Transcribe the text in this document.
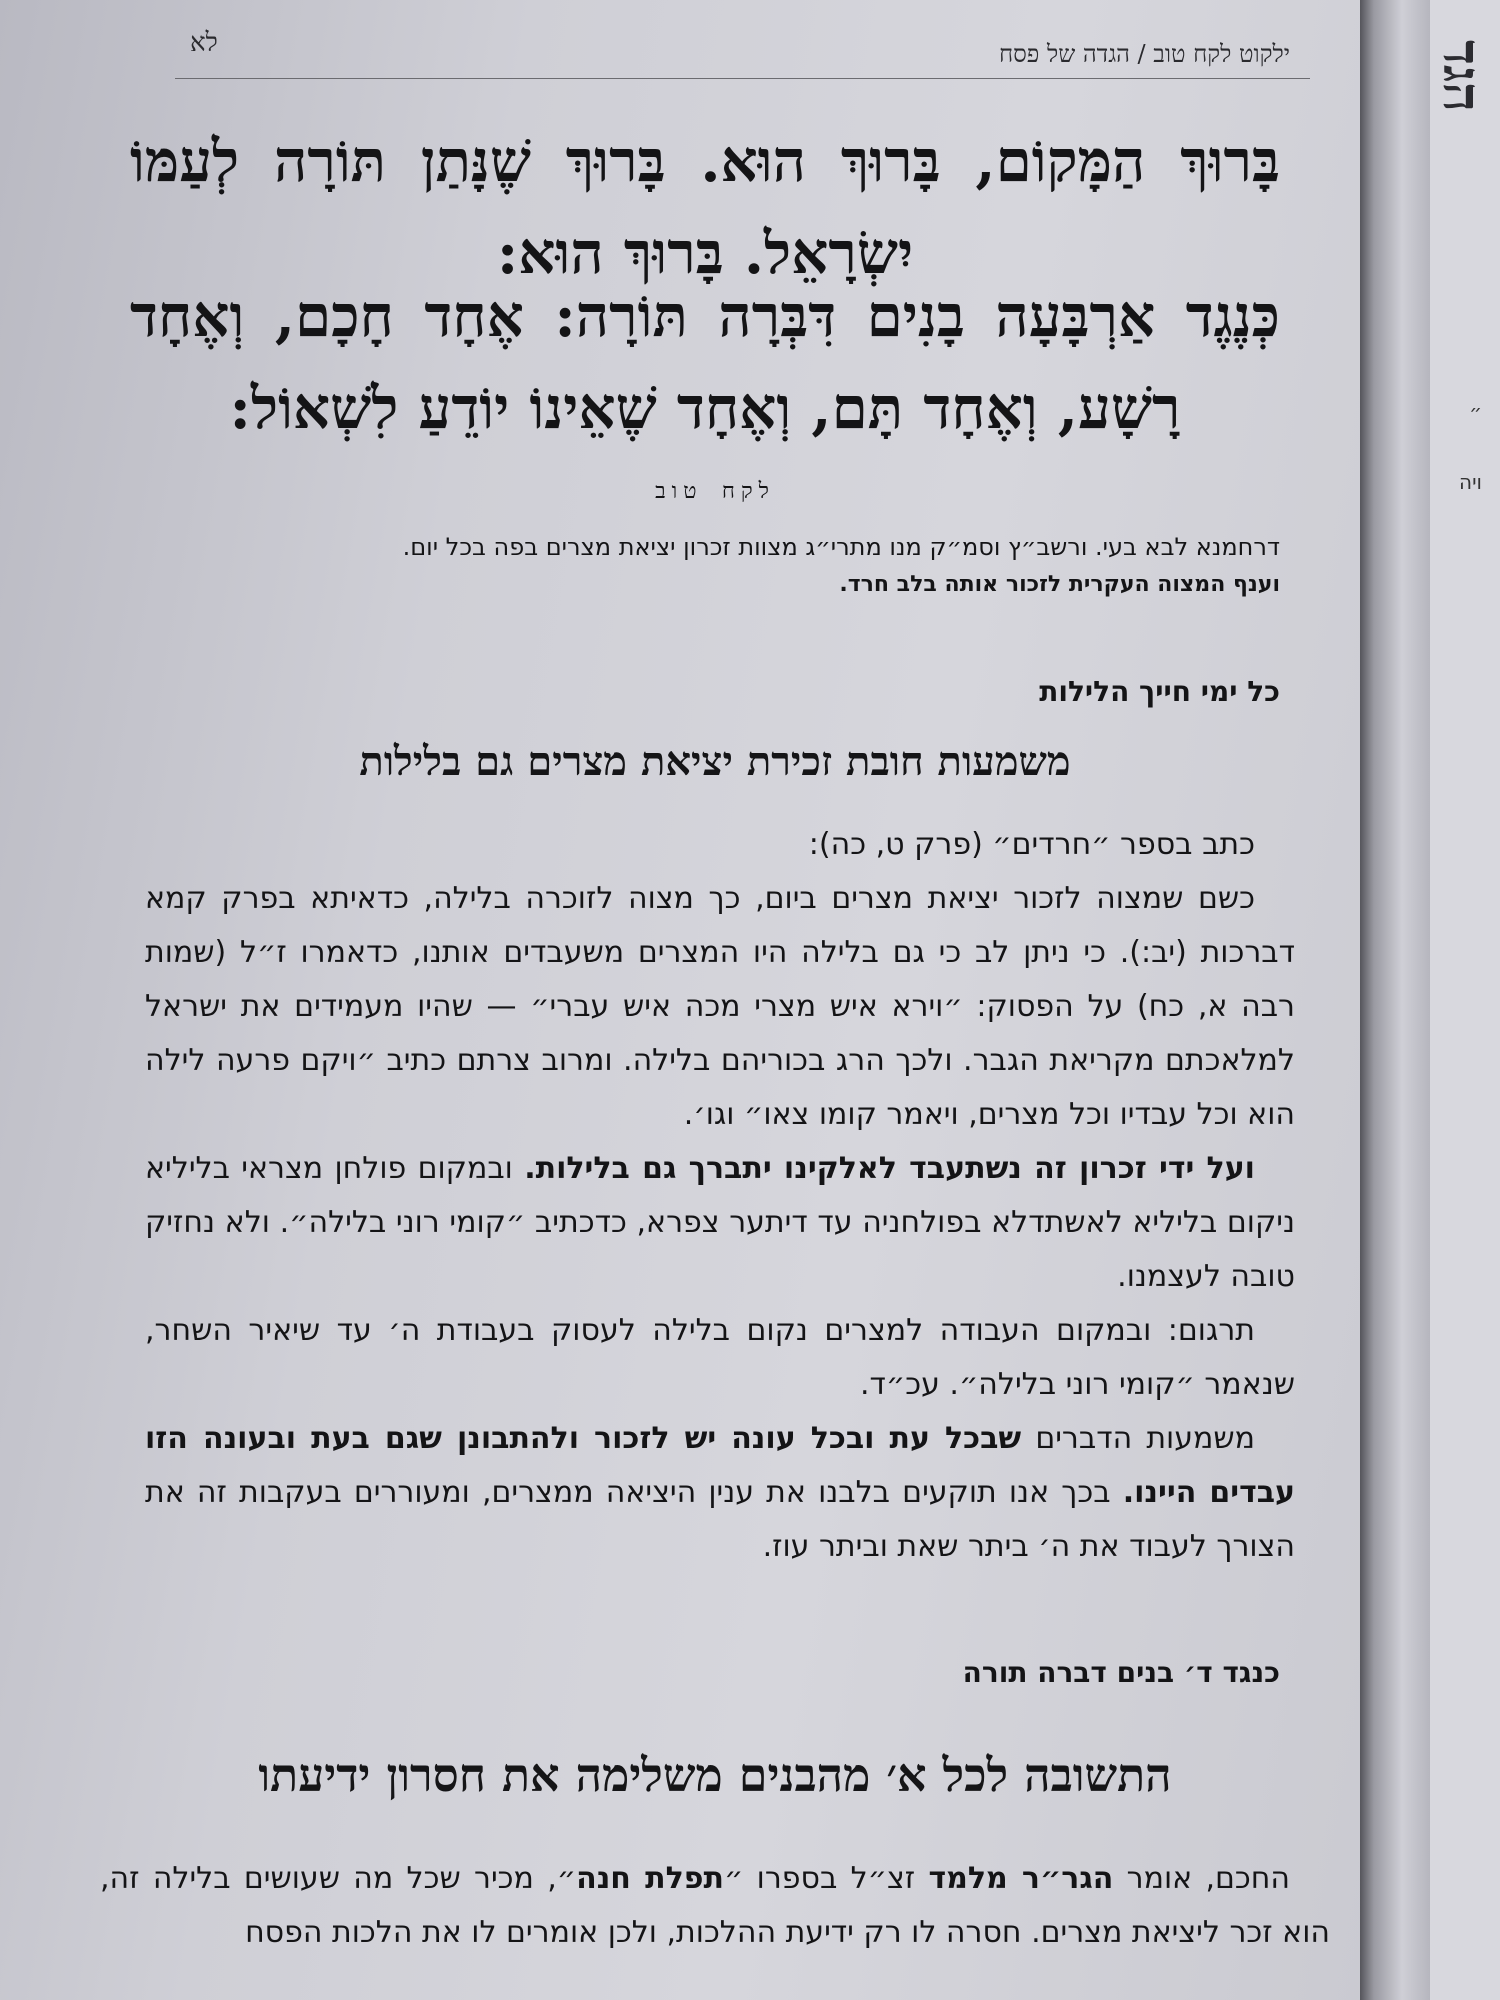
ילקוט לקח טוב / הגדה של פסח
לא

בָּרוּךְ הַמָּקוֹם, בָּרוּךְ הוּא. בָּרוּךְ שֶׁנָּתַן תּוֹרָה לְעַמּוֹ יִשְׂרָאֵל. בָּרוּךְ הוּא:

כְּנֶגֶד אַרְבָּעָה בָנִים דִּבְּרָה תּוֹרָה: אֶחָד חָכָם, וְאֶחָד רָשָׁע, וְאֶחָד תָּם, וְאֶחָד שֶׁאֵינוֹ יוֹדֵעַ לִשְׁאוֹל:

לקח טוב

דרחמנא לבא בעי. ורשב״ץ וסמ״ק מנו מתרי״ג מצוות זכרון יציאת מצרים בפה בכל יום.

וענף המצוה העקרית לזכור אותה בלב חרד.

כל ימי חייך הלילות
משמעות חובת זכירת יציאת מצרים גם בלילות

כתב בספר ״חרדים״ (פרק ט, כה):

כשם שמצוה לזכור יציאת מצרים ביום, כך מצוה לזוכרה בלילה, כדאיתא בפרק קמא דברכות (יב:). כי ניתן לב כי גם בלילה היו המצרים משעבדים אותנו, כדאמרו ז״ל (שמות רבה א, כח) על הפסוק: ״וירא איש מצרי מכה איש עברי״ — שהיו מעמידים את ישראל למלאכתם מקריאת הגבר. ולכך הרג בכוריהם בלילה. ומרוב צרתם כתיב ״ויקם פרעה לילה הוא וכל עבדיו וכל מצרים, ויאמר קומו צאו״ וגו׳.

ועל ידי זכרון זה נשתעבד לאלקינו יתברך גם בלילות. ובמקום פולחן מצראי בליליא ניקום בליליא לאשתדלא בפולחניה עד דיתער צפרא, כדכתיב ״קומי רוני בלילה״. ולא נחזיק טובה לעצמנו.

תרגום: ובמקום העבודה למצרים נקום בלילה לעסוק בעבודת ה׳ עד שיאיר השחר, שנאמר ״קומי רוני בלילה״. עכ״ד.

משמעות הדברים שבכל עת ובכל עונה יש לזכור ולהתבונן שגם בעת ובעונה הזו עבדים היינו. בכך אנו תוקעים בלבנו את ענין היציאה ממצרים, ומעוררים בעקבות זה את הצורך לעבוד את ה׳ ביתר שאת וביתר עוז.

כנגד ד׳ בנים דברה תורה
התשובה לכל א׳ מהבנים משלימה את חסרון ידיעתו

החכם, אומר הגר״ר מלמד זצ״ל בספרו ״תפלת חנה״, מכיר שכל מה שעושים בלילה זה, הוא זכר ליציאת מצרים. חסרה לו רק ידיעת ההלכות, ולכן אומרים לו את הלכות הפסח

הגד
״
ויה
